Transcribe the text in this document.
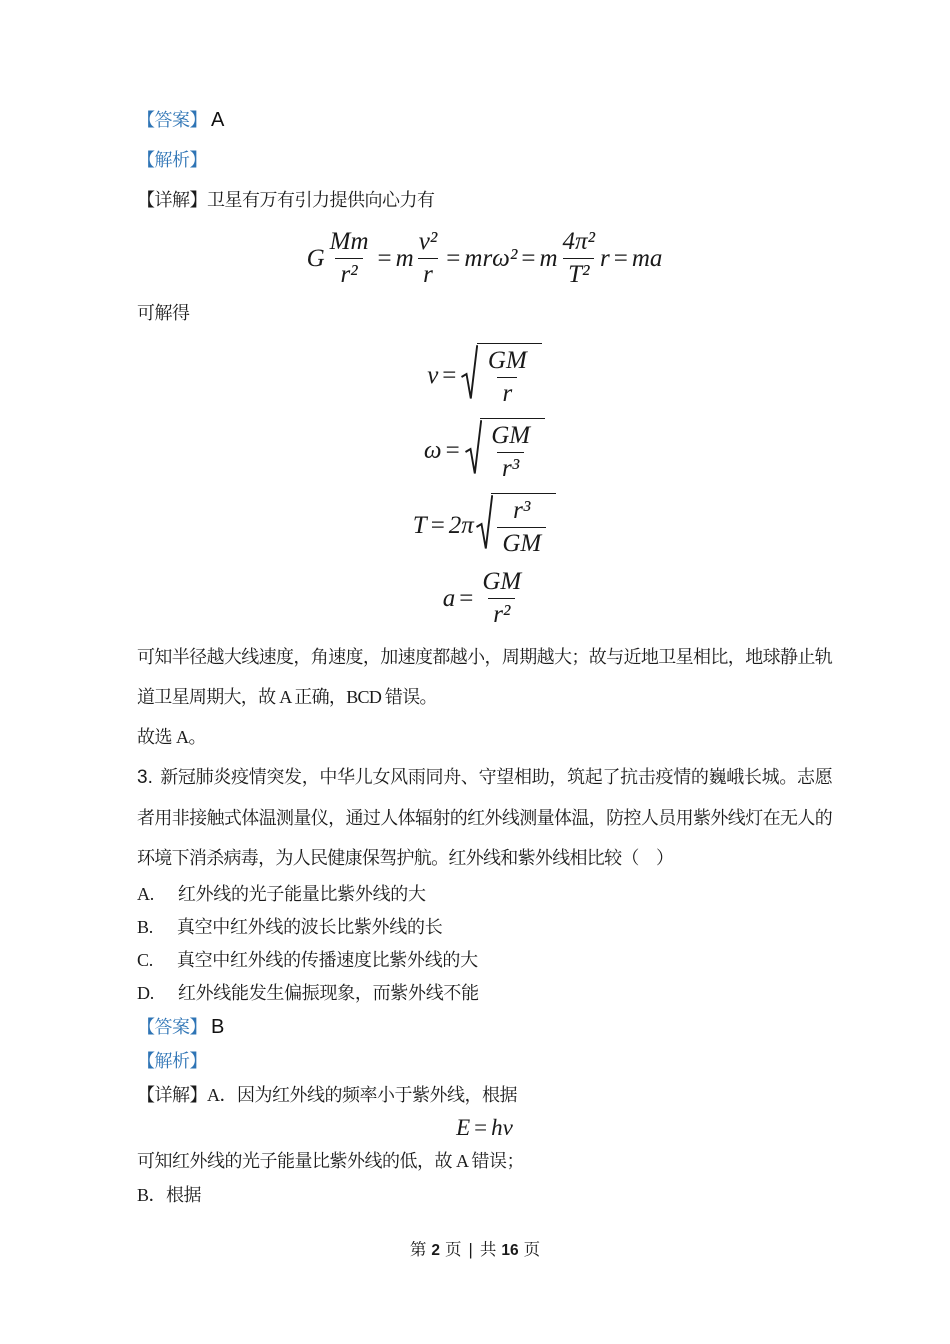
【答案】 A
【解析】
【详解】卫星有万有引力提供向心力有
G $\frac{Mm}{\text{r²}} = m \frac{\text{v²}}{r} = mr\omega^2 = m \frac{\text{4π²}}{\text{T²}}$ r = ma
可解得
$v = \frac{GM}{r}$
$\omega = \frac{GM}{\text{r³}}$
$T = 2\pi \frac{\text{r³}}{GM}$
$a = \frac{GM}{\text{r²}}$

可知半径越大线速度，角速度，加速度都越小，周期越大；故与近地卫星相比，地球静止轨道卫星周期大，故 A 正确，BCD 错误。

故选 A。

3. 新冠肺炎疫情突发，中华儿女风雨同舟、守望相助，筑起了抗击疫情的巍峨长城。志愿者用非接触式体温测量仪，通过人体辐射的红外线测量体温，防控人员用紫外线灯在无人的环境下消杀病毒，为人民健康保驾护航。红外线和紫外线相比较（　）

A. 红外线的光子能量比紫外线的大
B. 真空中红外线的波长比紫外线的长
C. 真空中红外线的传播速度比紫外线的大
D. 红外线能发生偏振现象，而紫外线不能
【答案】 B
【解析】
【详解】A．因为红外线的频率小于紫外线，根据
E = hν
可知红外线的光子能量比紫外线的低，故 A 错误；
B．根据
第 2 页 | 共 16 页
